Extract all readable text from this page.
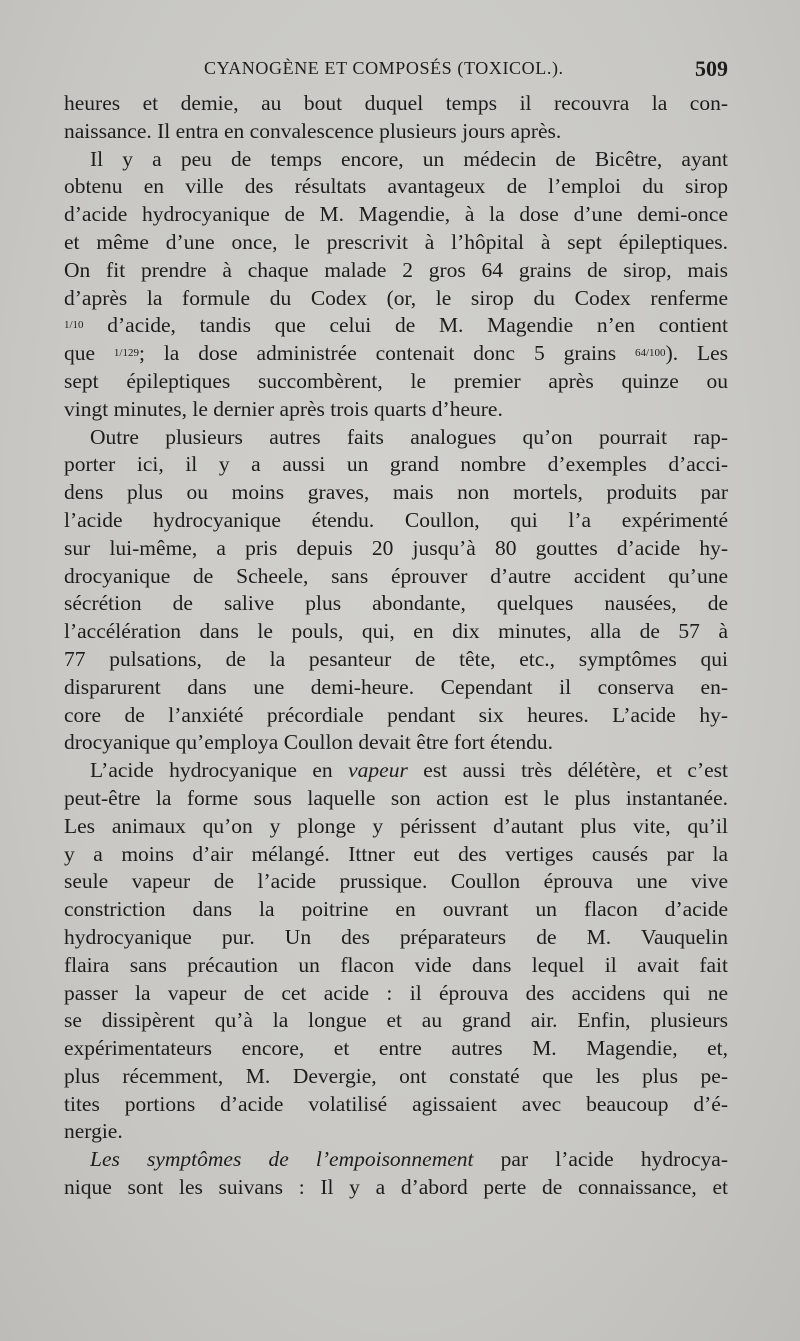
CYANOGÈNE ET COMPOSÉS (TOXICOL.).	509
heures et demie, au bout duquel temps il recouvra la con-
naissance. Il entra en convalescence plusieurs jours après.
Il y a peu de temps encore, un médecin de Bicêtre, ayant
obtenu en ville des résultats avantageux de l’emploi du sirop
d’acide hydrocyanique de M. Magendie, à la dose d’une demi-once
et même d’une once, le prescrivit à l’hôpital à sept épileptiques.
On fit prendre à chaque malade 2 gros 64 grains de sirop, mais
d’après la formule du Codex (or, le sirop du Codex renferme
1/10 d’acide, tandis que celui de M. Magendie n’en contient
que 1/129; la dose administrée contenait donc 5 grains 64/100). Les
sept épileptiques succombèrent, le premier après quinze ou
vingt minutes, le dernier après trois quarts d’heure.
Outre plusieurs autres faits analogues qu’on pourrait rap-
porter ici, il y a aussi un grand nombre d’exemples d’acci-
dens plus ou moins graves, mais non mortels, produits par
l’acide hydrocyanique étendu. Coullon, qui l’a expérimenté
sur lui-même, a pris depuis 20 jusqu’à 80 gouttes d’acide hy-
drocyanique de Scheele, sans éprouver d’autre accident qu’une
sécrétion de salive plus abondante, quelques nausées, de
l’accélération dans le pouls, qui, en dix minutes, alla de 57 à
77 pulsations, de la pesanteur de tête, etc., symptômes qui
disparurent dans une demi-heure. Cependant il conserva en-
core de l’anxiété précordiale pendant six heures. L’acide hy-
drocyanique qu’employa Coullon devait être fort étendu.
L’acide hydrocyanique en vapeur est aussi très délétère, et c’est
peut-être la forme sous laquelle son action est le plus instantanée.
Les animaux qu’on y plonge y périssent d’autant plus vite, qu’il
y a moins d’air mélangé. Ittner eut des vertiges causés par la
seule vapeur de l’acide prussique. Coullon éprouva une vive
constriction dans la poitrine en ouvrant un flacon d’acide
hydrocyanique pur. Un des préparateurs de M. Vauquelin
flaira sans précaution un flacon vide dans lequel il avait fait
passer la vapeur de cet acide : il éprouva des accidens qui ne
se dissipèrent qu’à la longue et au grand air. Enfin, plusieurs
expérimentateurs encore, et entre autres M. Magendie, et,
plus récemment, M. Devergie, ont constaté que les plus pe-
tites portions d’acide volatilisé agissaient avec beaucoup d’é-
nergie.
Les symptômes de l’empoisonnement par l’acide hydrocya-
nique sont les suivans : Il y a d’abord perte de connaissance, et
